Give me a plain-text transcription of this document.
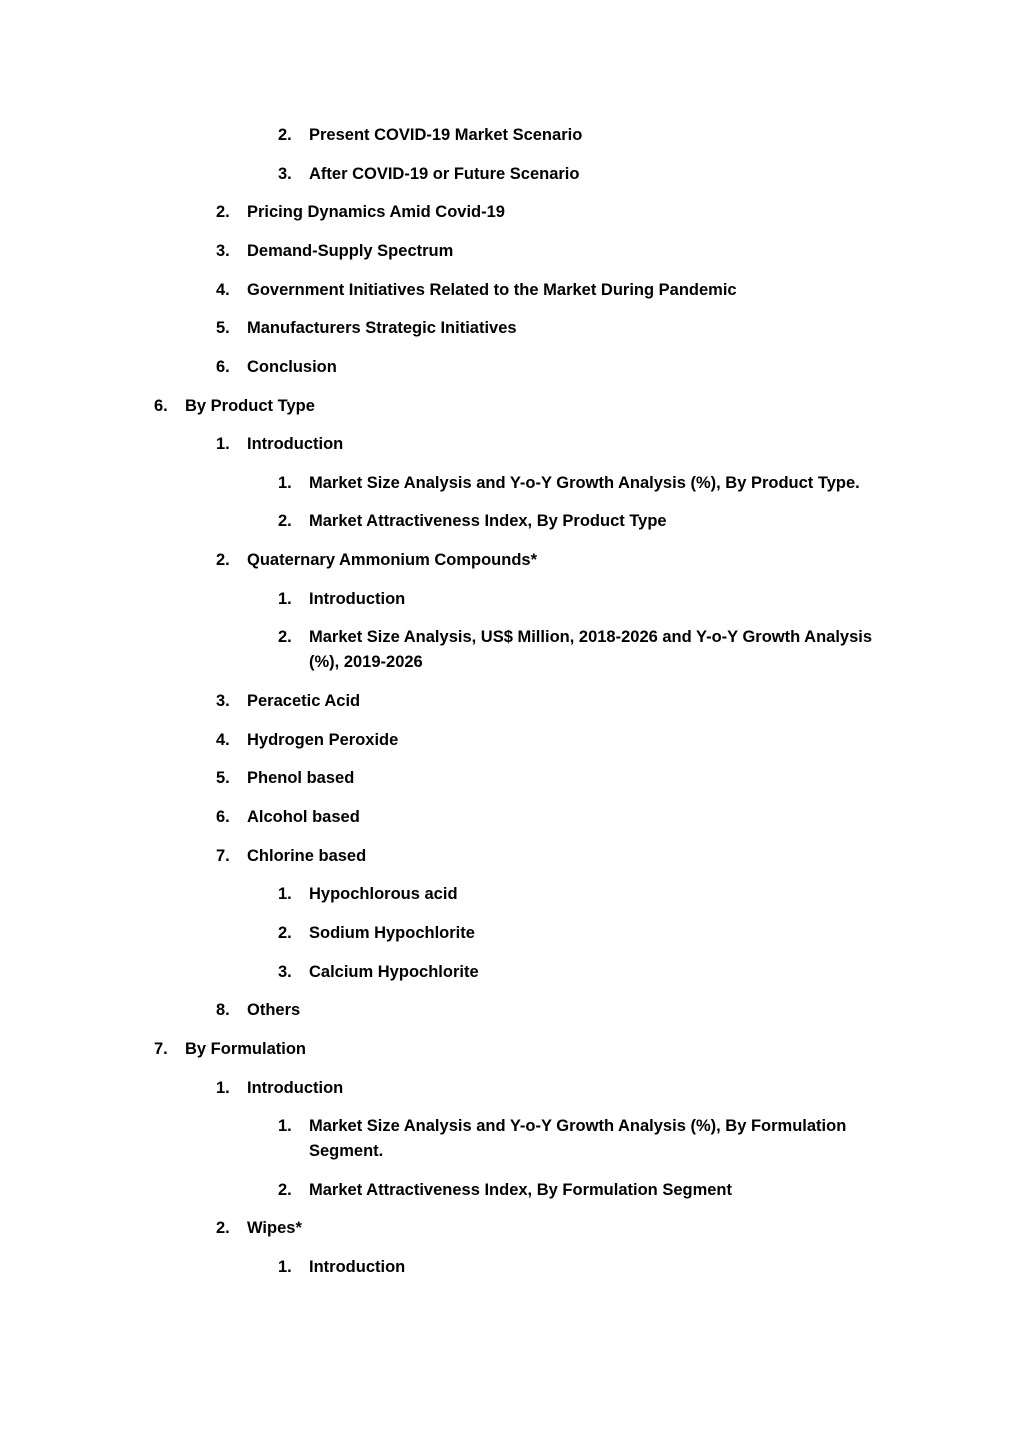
2. Present COVID-19 Market Scenario
3. After COVID-19 or Future Scenario
2. Pricing Dynamics Amid Covid-19
3. Demand-Supply Spectrum
4. Government Initiatives Related to the Market During Pandemic
5. Manufacturers Strategic Initiatives
6. Conclusion
6. By Product Type
1. Introduction
1. Market Size Analysis and Y-o-Y Growth Analysis (%), By Product Type.
2. Market Attractiveness Index, By Product Type
2. Quaternary Ammonium Compounds*
1. Introduction
2. Market Size Analysis, US$ Million, 2018-2026 and Y-o-Y Growth Analysis (%), 2019-2026
3. Peracetic Acid
4. Hydrogen Peroxide
5. Phenol based
6. Alcohol based
7. Chlorine based
1. Hypochlorous acid
2. Sodium Hypochlorite
3. Calcium Hypochlorite
8. Others
7. By Formulation
1. Introduction
1. Market Size Analysis and Y-o-Y Growth Analysis (%), By Formulation Segment.
2. Market Attractiveness Index, By Formulation Segment
2. Wipes*
1. Introduction
